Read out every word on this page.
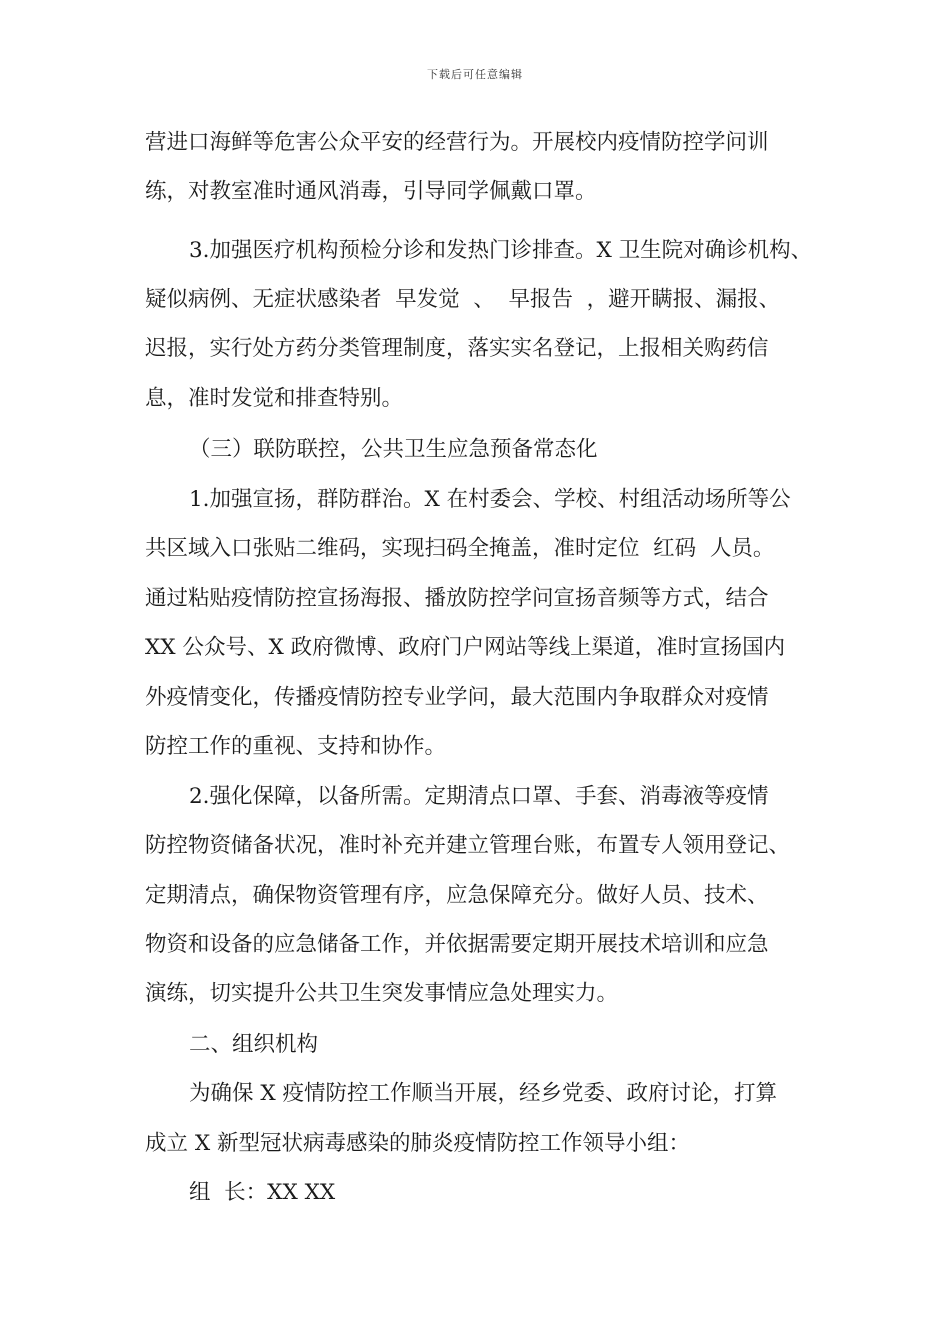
下载后可任意编辑
营进口海鲜等危害公众平安的经营行为。开展校内疫情防控学问训
练，对教室准时通风消毒，引导同学佩戴口罩。
3.加强医疗机构预检分诊和发热门诊排查。X 卫生院对确诊机构、
疑似病例、无症状感染者  早发觉  、  早报告  ，避开瞒报、漏报、
迟报，实行处方药分类管理制度，落实实名登记，上报相关购药信
息，准时发觉和排查特别。
（三）联防联控，公共卫生应急预备常态化
1.加强宣扬，群防群治。X 在村委会、学校、村组活动场所等公
共区域入口张贴二维码，实现扫码全掩盖，准时定位  红码  人员。
通过粘贴疫情防控宣扬海报、播放防控学问宣扬音频等方式，结合
XX 公众号、X 政府微博、政府门户网站等线上渠道，准时宣扬国内
外疫情变化，传播疫情防控专业学问，最大范围内争取群众对疫情
防控工作的重视、支持和协作。
2.强化保障，以备所需。定期清点口罩、手套、消毒液等疫情
防控物资储备状况，准时补充并建立管理台账，布置专人领用登记、
定期清点，确保物资管理有序，应急保障充分。做好人员、技术、
物资和设备的应急储备工作，并依据需要定期开展技术培训和应急
演练，切实提升公共卫生突发事情应急处理实力。
二、组织机构
为确保 X 疫情防控工作顺当开展，经乡党委、政府讨论，打算
成立 X 新型冠状病毒感染的肺炎疫情防控工作领导小组：
组  长：XX XX
